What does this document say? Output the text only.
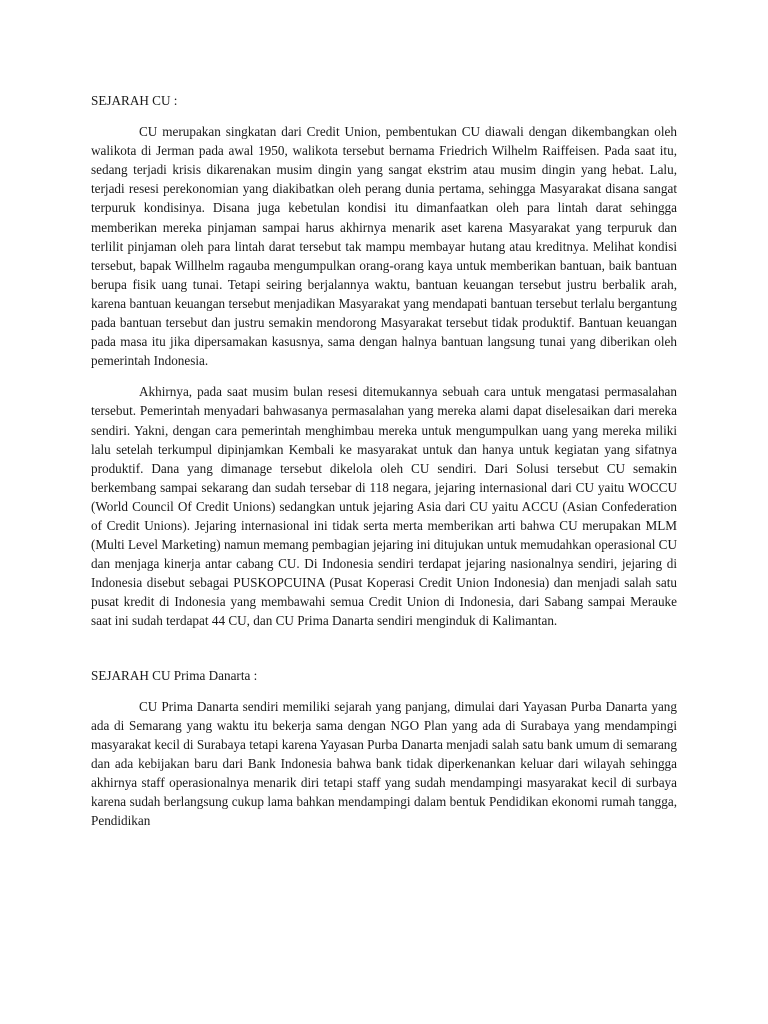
SEJARAH CU :

CU merupakan singkatan dari Credit Union, pembentukan CU diawali dengan dikembangkan oleh walikota di Jerman pada awal 1950, walikota tersebut bernama Friedrich Wilhelm Raiffeisen. Pada saat itu, sedang terjadi krisis dikarenakan musim dingin yang sangat ekstrim atau musim dingin yang hebat. Lalu, terjadi resesi perekonomian yang diakibatkan oleh perang dunia pertama, sehingga Masyarakat disana sangat terpuruk kondisinya. Disana juga kebetulan kondisi itu dimanfaatkan oleh para lintah darat sehingga memberikan mereka pinjaman sampai harus akhirnya menarik aset karena Masyarakat yang terpuruk dan terlilit pinjaman oleh para lintah darat tersebut tak mampu membayar hutang atau kreditnya. Melihat kondisi tersebut, bapak Willhelm ragauba mengumpulkan orang-orang kaya untuk memberikan bantuan, baik bantuan berupa fisik uang tunai. Tetapi seiring berjalannya waktu, bantuan keuangan tersebut justru berbalik arah, karena bantuan keuangan tersebut menjadikan Masyarakat yang mendapati bantuan tersebut terlalu bergantung pada bantuan tersebut dan justru semakin mendorong Masyarakat tersebut tidak produktif. Bantuan keuangan pada masa itu jika dipersamakan kasusnya, sama dengan halnya bantuan langsung tunai yang diberikan oleh pemerintah Indonesia.

Akhirnya, pada saat musim bulan resesi ditemukannya sebuah cara untuk mengatasi permasalahan tersebut. Pemerintah menyadari bahwasanya permasalahan yang mereka alami dapat diselesaikan dari mereka sendiri. Yakni, dengan cara pemerintah menghimbau mereka untuk mengumpulkan uang yang mereka miliki lalu setelah terkumpul dipinjamkan Kembali ke masyarakat untuk dan hanya untuk kegiatan yang sifatnya produktif. Dana yang dimanage tersebut dikelola oleh CU sendiri. Dari Solusi tersebut CU semakin berkembang sampai sekarang dan sudah tersebar di 118 negara, jejaring internasional dari CU yaitu WOCCU (World Council Of Credit Unions) sedangkan untuk jejaring Asia dari CU yaitu ACCU (Asian Confederation of Credit Unions). Jejaring internasional ini tidak serta merta memberikan arti bahwa CU merupakan MLM (Multi Level Marketing) namun memang pembagian jejaring ini ditujukan untuk memudahkan operasional CU dan menjaga kinerja antar cabang CU. Di Indonesia sendiri terdapat jejaring nasionalnya sendiri, jejaring di Indonesia disebut sebagai PUSKOPCUINA (Pusat Koperasi Credit Union Indonesia) dan menjadi salah satu pusat kredit di Indonesia yang membawahi semua Credit Union di Indonesia, dari Sabang sampai Merauke saat ini sudah terdapat 44 CU, dan CU Prima Danarta sendiri menginduk di Kalimantan.

SEJARAH CU Prima Danarta :

CU Prima Danarta sendiri memiliki sejarah yang panjang, dimulai dari Yayasan Purba Danarta yang ada di Semarang yang waktu itu bekerja sama dengan NGO Plan yang ada di Surabaya yang mendampingi masyarakat kecil di Surabaya tetapi karena Yayasan Purba Danarta menjadi salah satu bank umum di semarang dan ada kebijakan baru dari Bank Indonesia bahwa bank tidak diperkenankan keluar dari wilayah sehingga akhirnya staff operasionalnya menarik diri tetapi staff yang sudah mendampingi masyarakat kecil di surbaya karena sudah berlangsung cukup lama bahkan mendampingi dalam bentuk Pendidikan ekonomi rumah tangga, Pendidikan
